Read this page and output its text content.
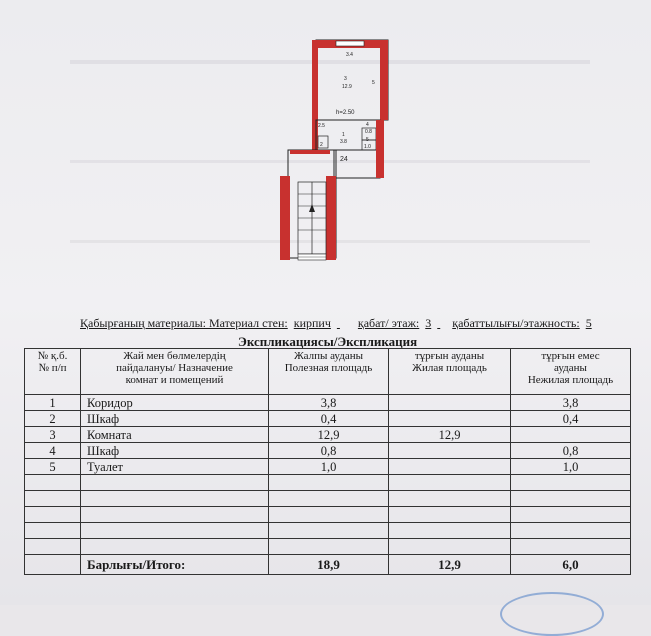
3.4
3
12.9
5
h=2.50
2.5	4
0.8
1
3.8
2
5
1.0
24
Қабырғаның материалы: Материал стен: кирпич қабат/ этаж: 3 қабаттылығы/этажность: 5
Экспликациясы/Экспликация
№ қ.б.
№ п/п	Жай мен бөлмелердің
пайдалануы/ Назначение
комнат и помещений	Жалпы ауданы
Полезная площадь	тұрғын ауданы
Жилая площадь	тұрғын емес
ауданы
Нежилая площадь

1	Коридор	3,8		3,8
2	Шкаф	0,4		0,4
3	Комната	12,9	12,9	
4	Шкаф	0,8		0,8
5	Туалет	1,0		1,0

	Барлығы/Итого:	18,9	12,9	6,0
